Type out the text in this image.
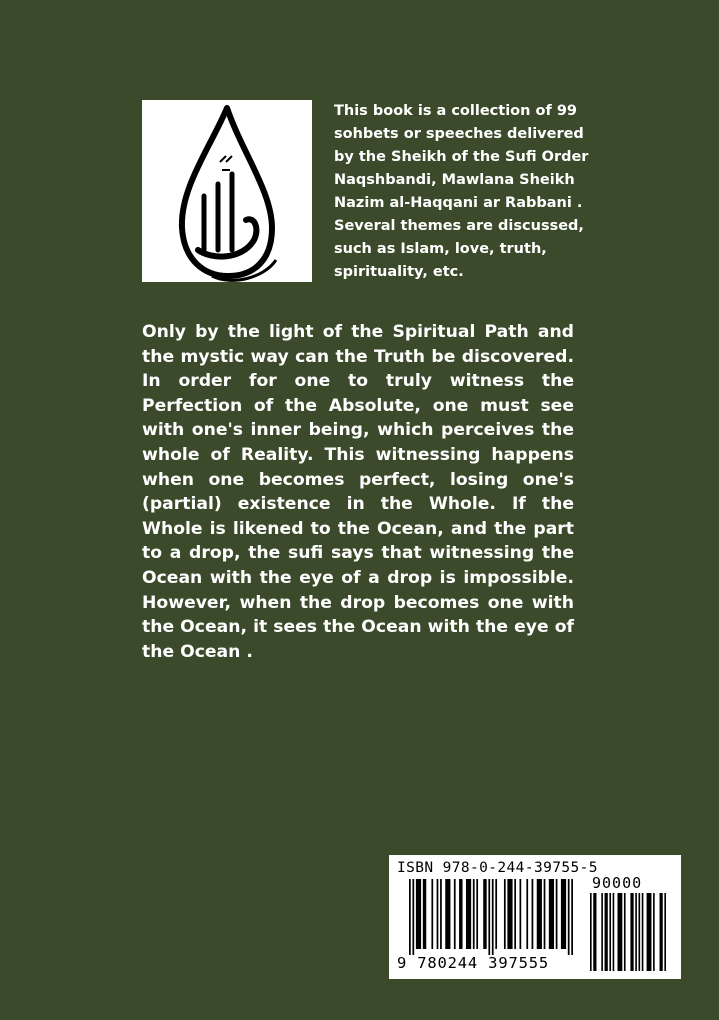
This book is a collection of 99 sohbets or speeches delivered by the Sheikh of the Sufi Order Naqshbandi, Mawlana Sheikh Nazim al-Haqqani ar Rabbani . Several themes are discussed, such as Islam, love, truth, spirituality, etc.

Only by the light of the Spiritual Path and the mystic way can the Truth be discovered. In order for one to truly witness the Perfection of the Absolute, one must see with one's inner being, which perceives the whole of Reality. This witnessing happens when one becomes perfect, losing one's (partial) existence in the Whole. If the Whole is likened to the Ocean, and the part to a drop, the sufi says that witnessing the Ocean with the eye of a drop is impossible. However, when the drop becomes one with the Ocean, it sees the Ocean with the eye of the Ocean .

ISBN 978-0-244-39755-5
90000
9 780244 397555
